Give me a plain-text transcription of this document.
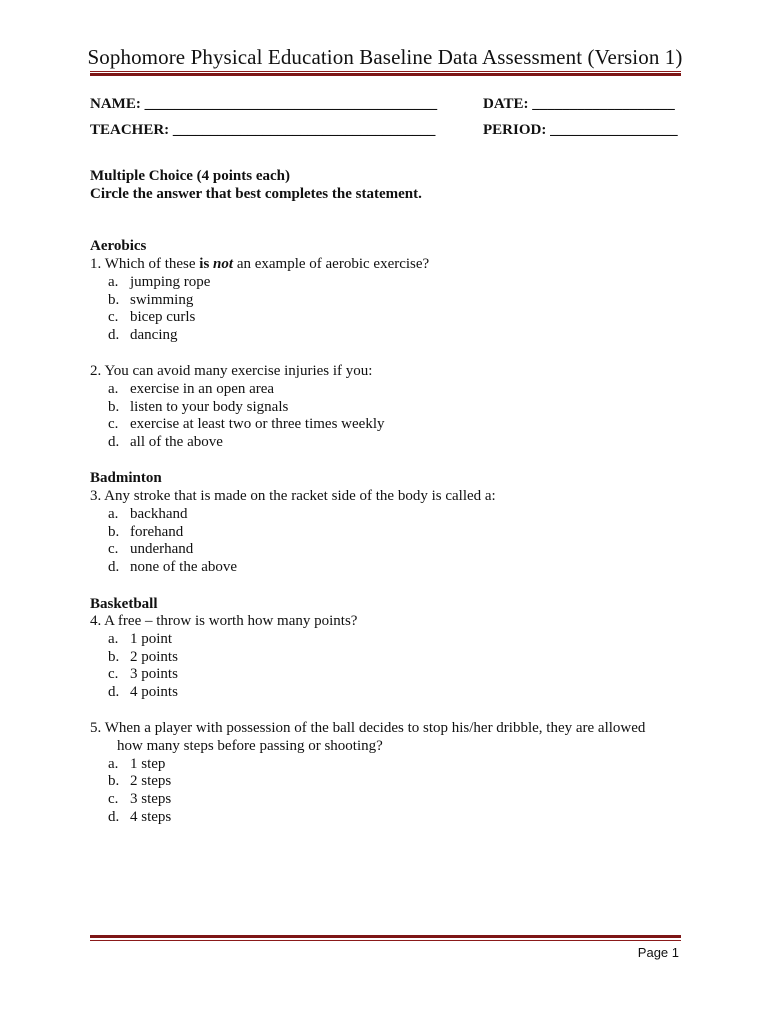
Sophomore Physical Education Baseline Data Assessment (Version 1)
NAME: _______________________________________	DATE: ___________________
TEACHER: ___________________________________	PERIOD: _________________
Multiple Choice (4 points each)
Circle the answer that best completes the statement.
Aerobics
1. Which of these is not an example of aerobic exercise?
a. jumping rope
b. swimming
c. bicep curls
d. dancing
2. You can avoid many exercise injuries if you:
a. exercise in an open area
b. listen to your body signals
c. exercise at least two or three times weekly
d. all of the above
Badminton
3. Any stroke that is made on the racket side of the body is called a:
a. backhand
b. forehand
c. underhand
d. none of the above
Basketball
4. A free – throw is worth how many points?
a. 1 point
b. 2 points
c. 3 points
d. 4 points
5. When a player with possession of the ball decides to stop his/her dribble, they are allowed
how many steps before passing or shooting?
a. 1 step
b. 2 steps
c. 3 steps
d. 4 steps
Page 1
